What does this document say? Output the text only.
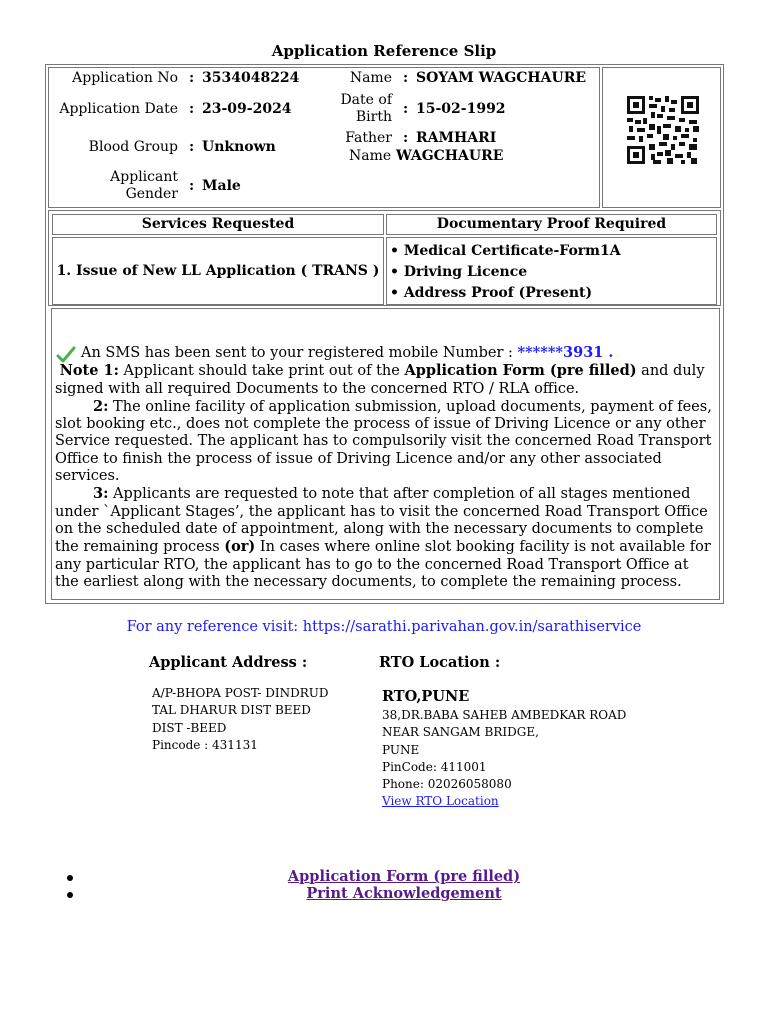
Application Reference Slip
Application No : 3534048224
Application Date : 23-09-2024
Blood Group : Unknown
Applicant
Gender : Male
Name : SOYAM WAGCHAURE
Date of
Birth : 15-02-1992
Father : RAMHARI
Name WAGCHAURE
Services Requested	Documentary Proof Required
1. Issue of New LL Application ( TRANS )
• Medical Certificate-Form1A
• Driving Licence
• Address Proof (Present)

An SMS has been sent to your registered mobile Number : ******3931 .

Note 1: Applicant should take print out of the Application Form (pre filled) and duly signed with all required Documents to the concerned RTO / RLA office.

2: The online facility of application submission, upload documents, payment of fees, slot booking etc., does not complete the process of issue of Driving Licence or any other Service requested. The applicant has to compulsorily visit the concerned Road Transport Office to finish the process of issue of Driving Licence and/or any other associated services.

3: Applicants are requested to note that after completion of all stages mentioned under `Applicant Stages’, the applicant has to visit the concerned Road Transport Office on the scheduled date of appointment, along with the necessary documents to complete the remaining process (or) In cases where online slot booking facility is not available for any particular RTO, the applicant has to go to the concerned Road Transport Office at the earliest along with the necessary documents, to complete the remaining process.

For any reference visit: https://sarathi.parivahan.gov.in/sarathiservice
Applicant Address :
A/P-BHOPA POST- DINDRUD
TAL DHARUR DIST BEED
DIST -BEED
Pincode : 431131
RTO Location :
RTO,PUNE
38,DR.BABA SAHEB AMBEDKAR ROAD
NEAR SANGAM BRIDGE,
PUNE
PinCode: 411001
Phone: 02026058080
View RTO Location
Application Form (pre filled)
Print Acknowledgement
